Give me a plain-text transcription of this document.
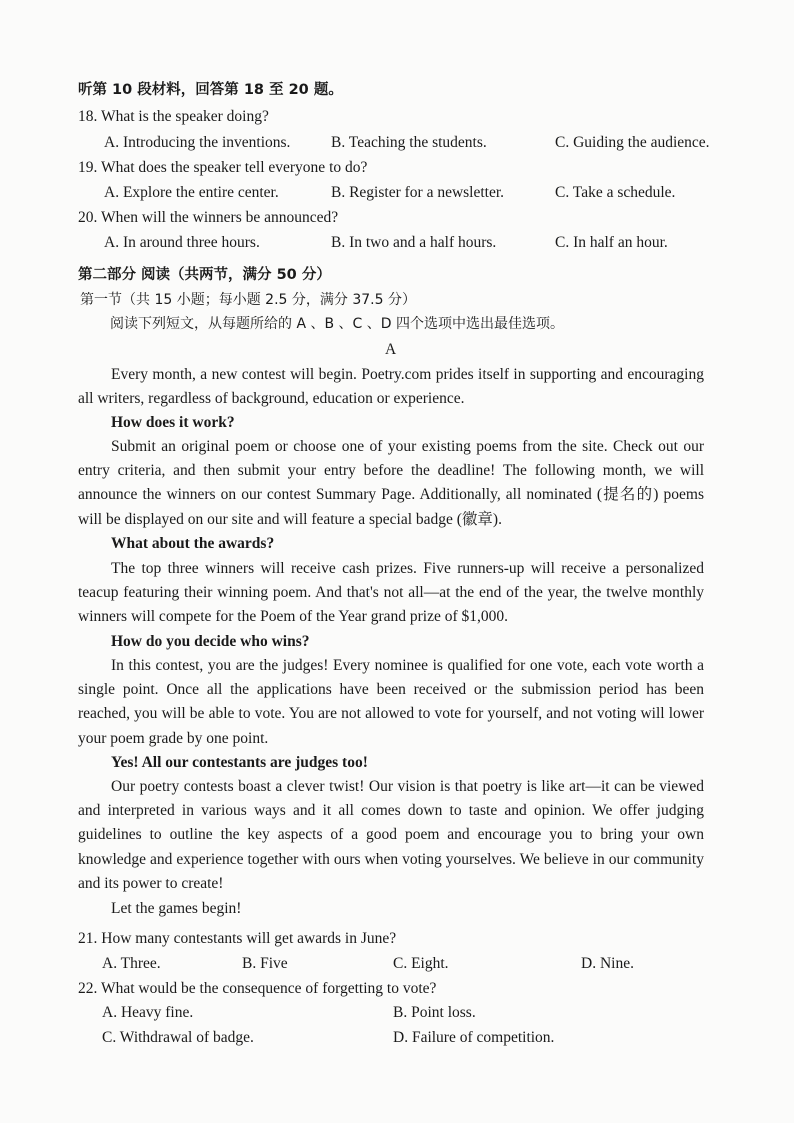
听第 10 段材料，回答第 18 至 20 题。
18. What is the speaker doing?
A. Introducing the inventions.	B. Teaching the students.	C. Guiding the audience.
19. What does the speaker tell everyone to do?
A. Explore the entire center.	B. Register for a newsletter.	C. Take a schedule.
20. When will the winners be announced?
A. In around three hours.	B. In two and a half hours.	C. In half an hour.
第二部分 阅读（共两节，满分 50 分）
第一节（共 15 小题；每小题 2.5 分，满分 37.5 分）
阅读下列短文，从每题所给的 A 、B 、C 、D 四个选项中选出最佳选项。
A
Every month, a new contest will begin. Poetry.com prides itself in supporting and encouraging all writers, regardless of background, education or experience.
How does it work?
Submit an original poem or choose one of your existing poems from the site. Check out our entry criteria, and then submit your entry before the deadline! The following month, we will announce the winners on our contest Summary Page. Additionally, all nominated (提名的) poems will be displayed on our site and will feature a special badge (徽章).
What about the awards?
The top three winners will receive cash prizes. Five runners-up will receive a personalized teacup featuring their winning poem. And that's not all—at the end of the year, the twelve monthly winners will compete for the Poem of the Year grand prize of $1,000.
How do you decide who wins?
In this contest, you are the judges! Every nominee is qualified for one vote, each vote worth a single point. Once all the applications have been received or the submission period has been reached, you will be able to vote. You are not allowed to vote for yourself, and not voting will lower your poem grade by one point.
Yes! All our contestants are judges too!
Our poetry contests boast a clever twist! Our vision is that poetry is like art—it can be viewed and interpreted in various ways and it all comes down to taste and opinion. We offer judging guidelines to outline the key aspects of a good poem and encourage you to bring your own knowledge and experience together with ours when voting yourselves. We believe in our community and its power to create!
Let the games begin!
21. How many contestants will get awards in June?
A. Three.	B. Five	C. Eight.	D. Nine.
22. What would be the consequence of forgetting to vote?
A. Heavy fine.	B. Point loss.
C. Withdrawal of badge.	D. Failure of competition.
